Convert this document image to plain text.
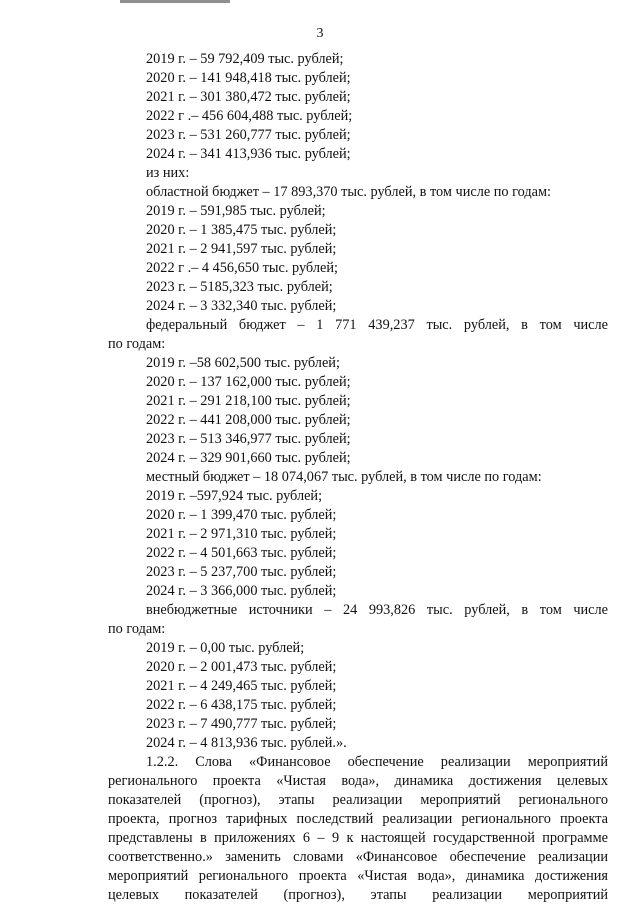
3
2019 г. – 59 792,409 тыс. рублей;
2020 г. – 141 948,418 тыс. рублей;
2021 г. – 301 380,472 тыс. рублей;
2022 г .– 456 604,488 тыс. рублей;
2023 г. – 531 260,777 тыс. рублей;
2024 г. – 341 413,936 тыс. рублей;
из них:
областной бюджет – 17 893,370 тыс. рублей, в том числе по годам:
2019 г. – 591,985 тыс. рублей;
2020 г. – 1 385,475 тыс. рублей;
2021 г. – 2 941,597 тыс. рублей;
2022 г .– 4 456,650 тыс. рублей;
2023 г. – 5185,323 тыс. рублей;
2024 г. – 3 332,340 тыс. рублей;
федеральный бюджет – 1 771 439,237 тыс. рублей, в том числе
по годам:
2019 г. –58 602,500 тыс. рублей;
2020 г. – 137 162,000 тыс. рублей;
2021 г. – 291 218,100 тыс. рублей;
2022 г. – 441 208,000 тыс. рублей;
2023 г. – 513 346,977 тыс. рублей;
2024 г. – 329 901,660 тыс. рублей;
местный бюджет – 18 074,067 тыс. рублей, в том числе по годам:
2019 г. –597,924 тыс. рублей;
2020 г. – 1 399,470 тыс. рублей;
2021 г. – 2 971,310 тыс. рублей;
2022 г. – 4 501,663 тыс. рублей;
2023 г. – 5 237,700 тыс. рублей;
2024 г. – 3 366,000 тыс. рублей;
внебюджетные источники – 24 993,826 тыс. рублей, в том числе
по годам:
2019 г. – 0,00 тыс. рублей;
2020 г. – 2 001,473 тыс. рублей;
2021 г. – 4 249,465 тыс. рублей;
2022 г. – 6 438,175 тыс. рублей;
2023 г. – 7 490,777 тыс. рублей;
2024 г. – 4 813,936 тыс. рублей.».
1.2.2. Слова «Финансовое обеспечение реализации мероприятий
регионального проекта «Чистая вода», динамика достижения целевых
показателей (прогноз), этапы реализации мероприятий регионального
проекта, прогноз тарифных последствий реализации регионального проекта
представлены в приложениях 6 – 9 к настоящей государственной программе
соответственно.» заменить словами «Финансовое обеспечение реализации
мероприятий регионального проекта «Чистая вода», динамика достижения
целевых показателей (прогноз), этапы реализации мероприятий
